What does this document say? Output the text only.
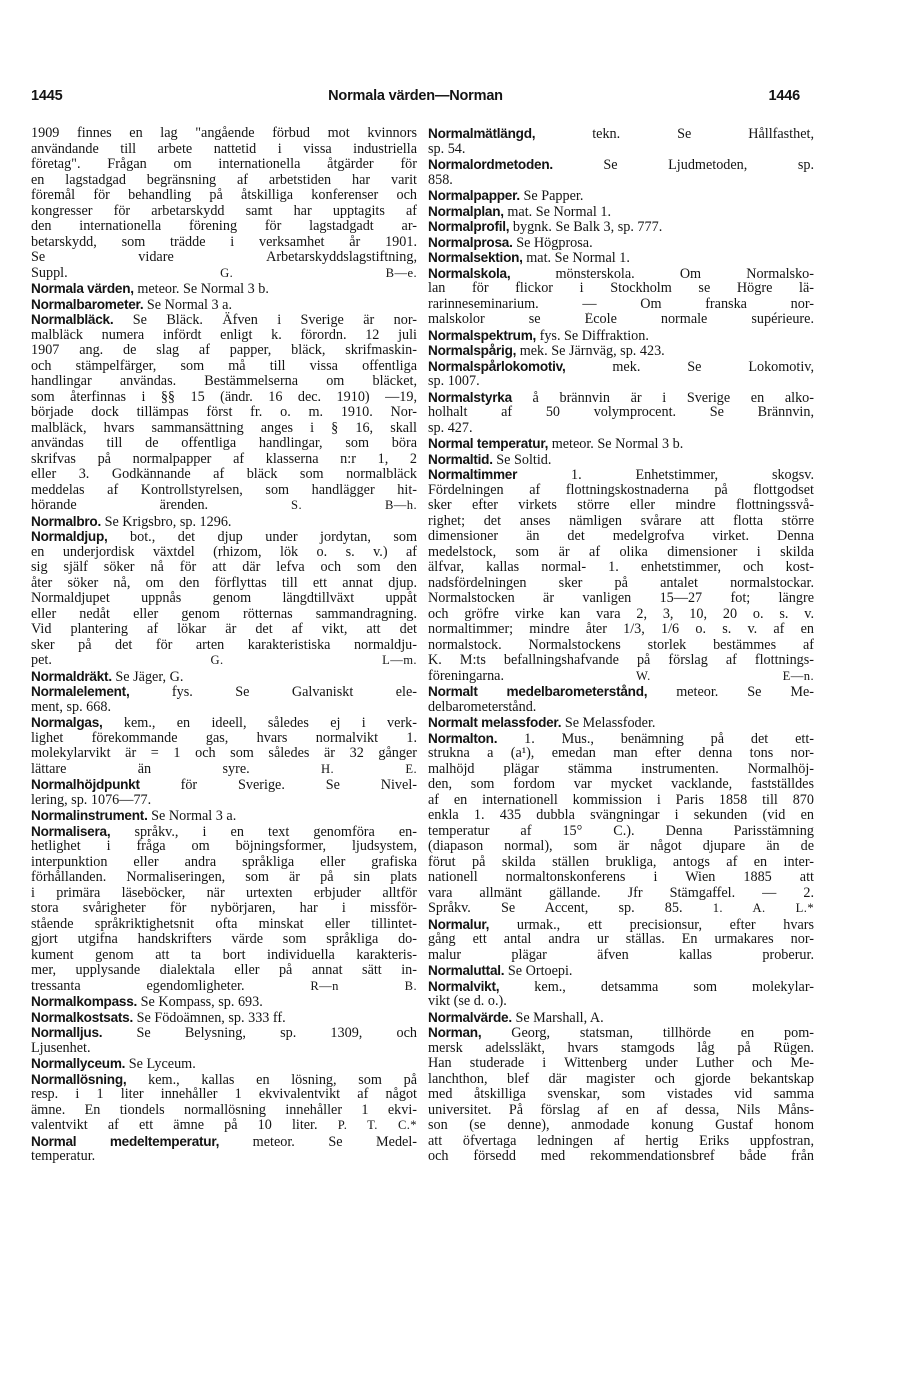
1445	Normala värden—Norman	1446
1909 finnes en lag "angående förbud mot kvinnors
användande till arbete nattetid i vissa industriella
företag". Frågan om internationella åtgärder för
en lagstadgad begränsning af arbetstiden har varit
föremål för behandling på åtskilliga konferenser och
kongresser för arbetarskydd samt har upptagits af
den internationella förening för lagstadgadt ar-
betarskydd, som trädde i verksamhet år 1901.
Se vidare Arbetarskyddslagstiftning,
Suppl.	G. B—e.
Normala värden, meteor. Se Normal 3 b.
Normalbarometer. Se Normal 3 a.
Normalbläck. Se Bläck. Äfven i Sverige är nor-
malbläck numera infördt enligt k. förordn. 12 juli
1907 ang. de slag af papper, bläck, skrifmaskin-
och stämpelfärger, som må till vissa offentliga
handlingar användas. Bestämmelserna om bläcket,
som återfinnas i §§ 15 (ändr. 16 dec. 1910) —19,
började dock tillämpas först fr. o. m. 1910. Nor-
malbläck, hvars sammansättning anges i § 16, skall
användas till de offentliga handlingar, som böra
skrifvas på normalpapper af klasserna n:r 1, 2
eller 3. Godkännande af bläck som normalbläck
meddelas af Kontrollstyrelsen, som handlägger hit-
hörande ärenden.	S. B—h.
Normalbro. Se Krigsbro, sp. 1296.
Normaldjup, bot., det djup under jordytan, som
en underjordisk växtdel (rhizom, lök o. s. v.) af
sig själf söker nå för att där lefva och som den
åter söker nå, om den förflyttas till ett annat djup.
Normaldjupet uppnås genom längdtillväxt uppåt
eller nedåt eller genom rötternas sammandragning.
Vid plantering af lökar är det af vikt, att det
sker på det för arten karakteristiska normaldju-
pet.	G. L—m.
Normaldräkt. Se Jäger, G.
Normalelement, fys. Se Galvaniskt ele-
ment, sp. 668.
Normalgas, kem., en ideell, således ej i verk-
lighet förekommande gas, hvars normalvikt 1.
molekylarvikt är = 1 och som således är 32 gånger
lättare än syre.	H. E.
Normalhöjdpunkt för Sverige. Se Nivel-
lering, sp. 1076—77.
Normalinstrument. Se Normal 3 a.
Normalisera, språkv., i en text genomföra en-
hetlighet i fråga om böjningsformer, ljudsystem,
interpunktion eller andra språkliga eller grafiska
förhållanden. Normaliseringen, som är på sin plats
i primära läseböcker, när urtexten erbjuder alltför
stora svårigheter för nybörjaren, har i missför-
stående språkriktighetsnit ofta minskat eller tillintet-
gjort utgifna handskrifters värde som språkliga do-
kument genom att ta bort individuella karakteris-
mer, upplysande dialektala eller på annat sätt in-
tressanta egendomligheter.	R—n B.
Normalkompass. Se Kompass, sp. 693.
Normalkostsats. Se Födoämnen, sp. 333 ff.
Normalljus. Se Belysning, sp. 1309, och
Ljusenhet.
Normallyceum. Se Lyceum.
Normallösning, kem., kallas en lösning, som på
resp. i 1 liter innehåller 1 ekvivalentvikt af något
ämne. En tiondels normallösning innehåller 1 ekvi-
valentvikt af ett ämne på 10 liter. P. T. C.*
Normal medeltemperatur, meteor. Se Medel-
temperatur.
Normalmätlängd, tekn. Se Hållfasthet,
sp. 54.
Normalordmetoden. Se Ljudmetoden, sp.
858.
Normalpapper. Se Papper.
Normalplan, mat. Se Normal 1.
Normalprofil, bygnk. Se Balk 3, sp. 777.
Normalprosa. Se Högprosa.
Normalsektion, mat. Se Normal 1.
Normalskola, mönsterskola. Om Normalsko-
lan för flickor i Stockholm se Högre lä-
rarinneseminarium. — Om franska nor-
malskolor se École normale supérieure.
Normalspektrum, fys. Se Diffraktion.
Normalspårig, mek. Se Järnväg, sp. 423.
Normalspårlokomotiv, mek. Se Lokomotiv,
sp. 1007.
Normalstyrka å brännvin är i Sverige en alko-
holhalt af 50 volymprocent. Se Brännvin,
sp. 427.
Normal temperatur, meteor. Se Normal 3 b.
Normaltid. Se Soltid.
Normaltimmer 1. Enhetstimmer, skogsv.
Fördelningen af flottningskostnaderna på flottgodset
sker efter virkets större eller mindre flottningssvå-
righet; det anses nämligen svårare att flotta större
dimensioner än det medelgrofva virket. Denna
medelstock, som är af olika dimensioner i skilda
älfvar, kallas normal- 1. enhetstimmer, och kost-
nadsfördelningen sker på antalet normalstockar.
Normalstocken är vanligen 15—27 fot; längre
och gröfre virke kan vara 2, 3, 10, 20 o. s. v.
normaltimmer; mindre åter 1/3, 1/6 o. s. v. af en
normalstock. Normalstockens storlek bestämmes af
K. M:ts befallningshafvande på förslag af flottnings-
föreningarna.	W. E—n.
Normalt medelbarometerstånd, meteor. Se Me-
delbarometerstånd.
Normalt melassfoder. Se Melassfoder.
Normalton. 1. Mus., benämning på det ett-
strukna a (a¹), emedan man efter denna tons nor-
malhöjd plägar stämma instrumenten. Normalhöj-
den, som fordom var mycket vacklande, fastställdes
af en internationell kommission i Paris 1858 till 870
enkla 1. 435 dubbla svängningar i sekunden (vid en
temperatur af 15° C.). Denna Parisstämning
(diapason normal), som är något djupare än de
förut på skilda ställen brukliga, antogs af en inter-
nationell normaltonskonferens i Wien 1885 att
vara allmänt gällande. Jfr Stämgaffel. — 2.
Språkv. Se Accent, sp. 85. 1. A. L.*
Normalur, urmak., ett precisionsur, efter hvars
gång ett antal andra ur ställas. En urmakares nor-
malur plägar äfven kallas proberur.
Normaluttal. Se Ortoepi.
Normalvikt, kem., detsamma som molekylar-
vikt (se d. o.).
Normalvärde. Se Marshall, A.
Norman, Georg, statsman, tillhörde en pom-
mersk adelssläkt, hvars stamgods låg på Rügen.
Han studerade i Wittenberg under Luther och Me-
lanchthon, blef där magister och gjorde bekantskap
med åtskilliga svenskar, som vistades vid samma
universitet. På förslag af en af dessa, Nils Måns-
son (se denne), anmodade konung Gustaf honom
att öfvertaga ledningen af hertig Eriks uppfostran,
och försedd med rekommendationsbref både från
